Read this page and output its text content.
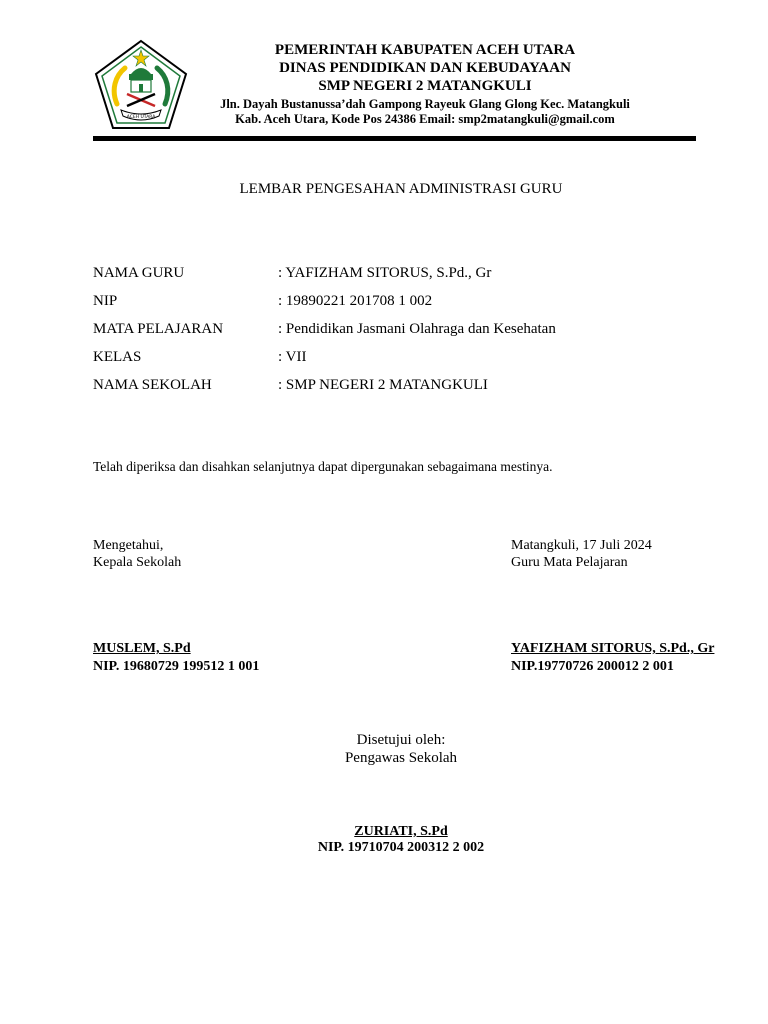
ACEH UTARA
PEMERINTAH KABUPATEN ACEH UTARA
DINAS PENDIDIKAN DAN KEBUDAYAAN
SMP NEGERI 2 MATANGKULI
Jln. Dayah Bustanussa’dah Gampong Rayeuk Glang Glong Kec. Matangkuli
Kab. Aceh Utara, Kode Pos 24386 Email: smp2matangkuli@gmail.com
LEMBAR PENGESAHAN ADMINISTRASI GURU
NAMA GURU	: YAFIZHAM SITORUS, S.Pd., Gr
NIP	: 19890221 201708 1 002
MATA PELAJARAN	: Pendidikan Jasmani Olahraga dan Kesehatan
KELAS	: VII
NAMA SEKOLAH	: SMP NEGERI 2 MATANGKULI
Telah diperiksa dan disahkan selanjutnya dapat dipergunakan sebagaimana mestinya.
Mengetahui,
Kepala Sekolah
MUSLEM, S.Pd
NIP. 19680729 199512 1 001
Matangkuli, 17 Juli 2024
Guru Mata Pelajaran
YAFIZHAM SITORUS, S.Pd., Gr
NIP.19770726 200012 2 001
Disetujui oleh:
Pengawas Sekolah
ZURIATI, S.Pd
NIP. 19710704 200312 2 002
